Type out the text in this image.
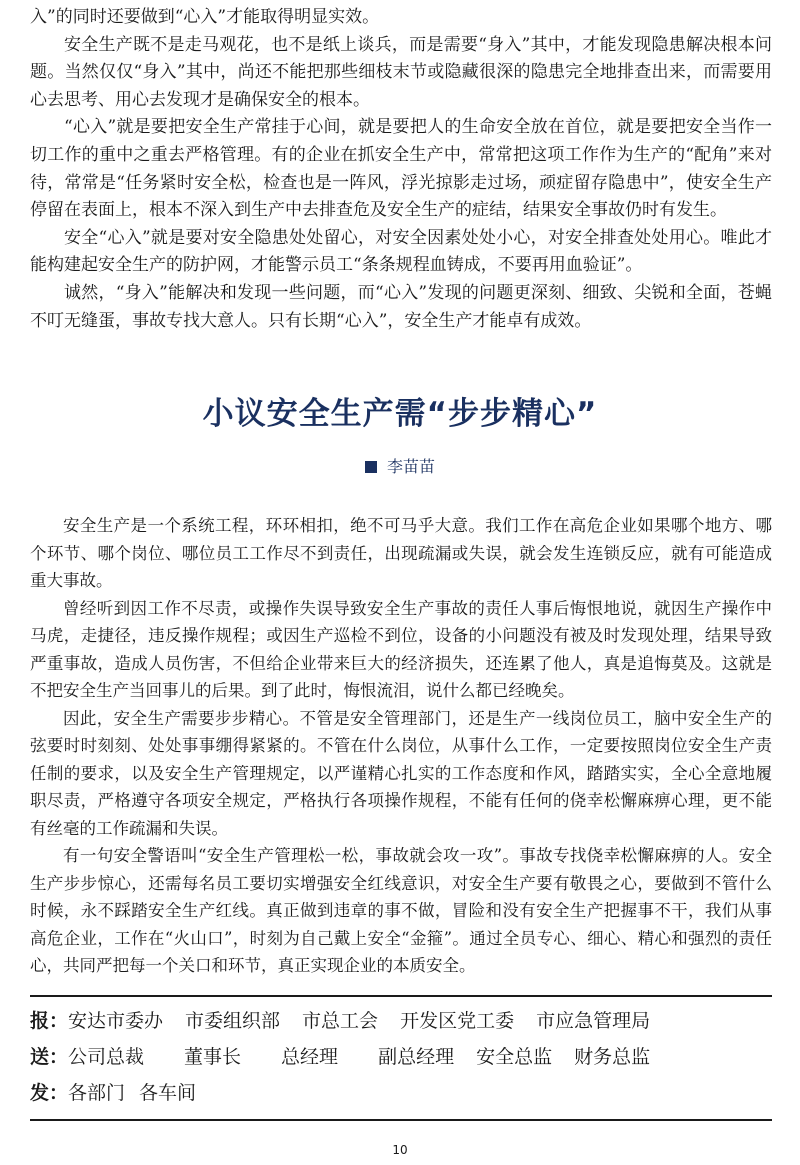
入”的同时还要做到“心入”才能取得明显实效。

安全生产既不是走马观花，也不是纸上谈兵，而是需要“身入”其中，才能发现隐患解决根本问题。当然仅仅“身入”其中，尚还不能把那些细枝末节或隐藏很深的隐患完全地排查出来，而需要用心去思考、用心去发现才是确保安全的根本。

“心入”就是要把安全生产常挂于心间，就是要把人的生命安全放在首位，就是要把安全当作一切工作的重中之重去严格管理。有的企业在抓安全生产中，常常把这项工作作为生产的“配角”来对待，常常是“任务紧时安全松，检查也是一阵风，浮光掠影走过场，顽症留存隐患中”，使安全生产停留在表面上，根本不深入到生产中去排查危及安全生产的症结，结果安全事故仍时有发生。

安全“心入”就是要对安全隐患处处留心，对安全因素处处小心，对安全排查处处用心。唯此才能构建起安全生产的防护网，才能警示员工“条条规程血铸成，不要再用血验证”。

诚然，“身入”能解决和发现一些问题，而“心入”发现的问题更深刻、细致、尖锐和全面，苍蝇不叮无缝蛋，事故专找大意人。只有长期“心入”，安全生产才能卓有成效。

小议安全生产需“步步精心”
李苗苗

安全生产是一个系统工程，环环相扣，绝不可马乎大意。我们工作在高危企业如果哪个地方、哪个环节、哪个岗位、哪位员工工作尽不到责任，出现疏漏或失误，就会发生连锁反应，就有可能造成重大事故。

曾经听到因工作不尽责，或操作失误导致安全生产事故的责任人事后悔恨地说，就因生产操作中马虎，走捷径，违反操作规程；或因生产巡检不到位，设备的小问题没有被及时发现处理，结果导致严重事故，造成人员伤害，不但给企业带来巨大的经济损失，还连累了他人，真是追悔莫及。这就是不把安全生产当回事儿的后果。到了此时，悔恨流泪，说什么都已经晚矣。

因此，安全生产需要步步精心。不管是安全管理部门，还是生产一线岗位员工，脑中安全生产的弦要时时刻刻、处处事事绷得紧紧的。不管在什么岗位，从事什么工作，一定要按照岗位安全生产责任制的要求，以及安全生产管理规定，以严谨精心扎实的工作态度和作风，踏踏实实，全心全意地履职尽责，严格遵守各项安全规定，严格执行各项操作规程，不能有任何的侥幸松懈麻痹心理，更不能有丝毫的工作疏漏和失误。

有一句安全警语叫“安全生产管理松一松，事故就会攻一攻”。事故专找侥幸松懈麻痹的人。安全生产步步惊心，还需每名员工要切实增强安全红线意识，对安全生产要有敬畏之心，要做到不管什么时候，永不踩踏安全生产红线。真正做到违章的事不做，冒险和没有安全生产把握事不干，我们从事高危企业，工作在“火山口”，时刻为自己戴上安全“金箍”。通过全员专心、细心、精心和强烈的责任心，共同严把每一个关口和环节，真正实现企业的本质安全。

报：安达市委办 市委组织部 市总工会 开发区党工委 市应急管理局
送：公司总裁 董事长 总经理 副总经理 安全总监 财务总监
发：各部门 各车间
10
